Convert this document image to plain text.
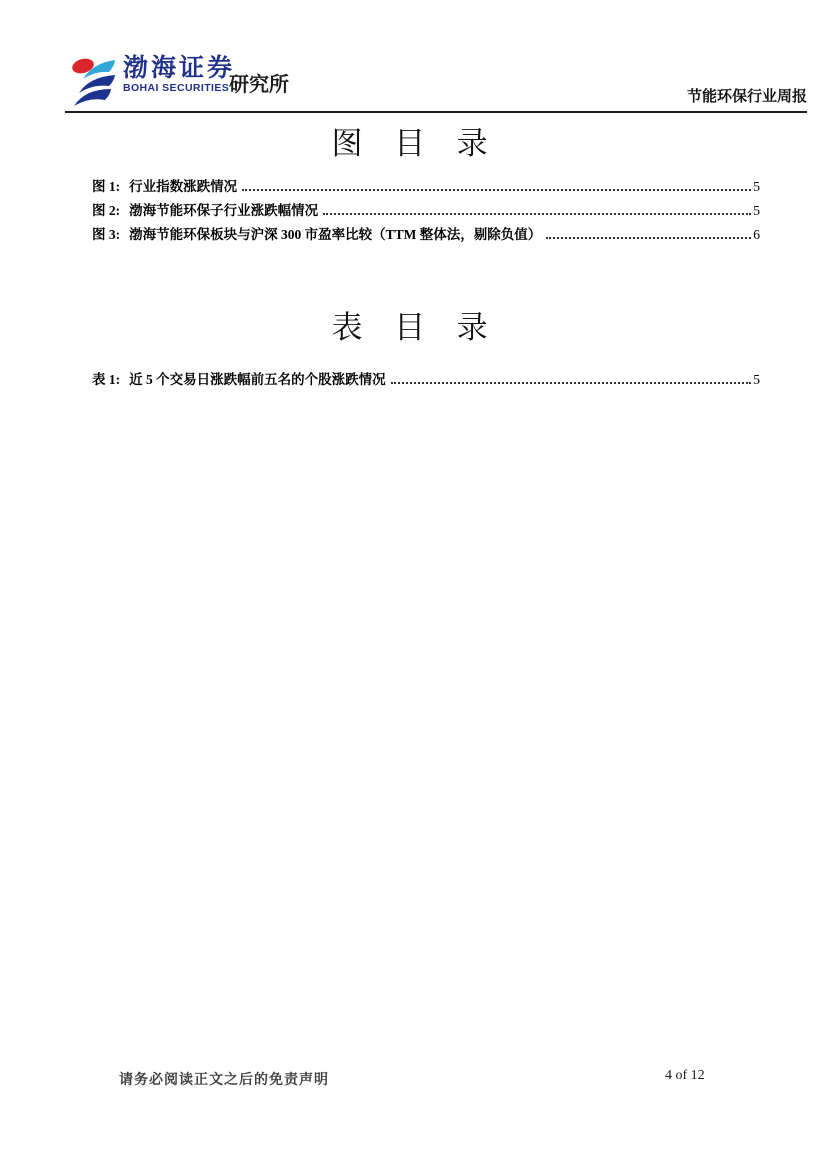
渤海证券
BOHAI SECURITIES 研究所
节能环保行业周报
图 目 录
图 1: 行业指数涨跌情况	5
图 2: 渤海节能环保子行业涨跌幅情况	5
图 3: 渤海节能环保板块与沪深 300 市盈率比较（TTM 整体法，剔除负值）	6
表 目 录
表 1: 近 5 个交易日涨跌幅前五名的个股涨跌情况	5
请务必阅读正文之后的免责声明	4 of 12
